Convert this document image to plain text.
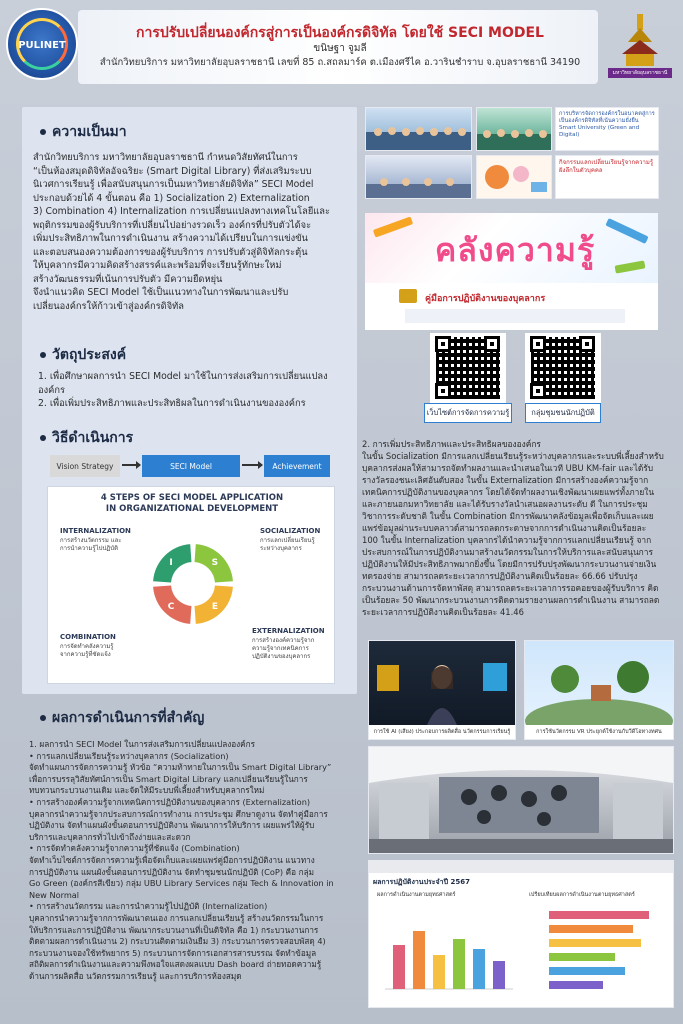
PULINET
การปรับเปลี่ยนองค์กรสู่การเป็นองค์กรดิจิทัล โดยใช้ SECI MODEL
ขนิษฐา จูมลี
สำนักวิทยบริการ มหาวิทยาลัยอุบลราชธานี เลขที่ 85 ถ.สถลมาร์ค ต.เมืองศรีไค อ.วารินชำราบ จ.อุบลราชธานี 34190
มหาวิทยาลัยอุบลราชธานี
ความเป็นมา

สำนักวิทยบริการ มหาวิทยาลัยอุบลราชธานี กำหนดวิสัยทัศน์ในการ

“เป็นห้องสมุดดิจิทัลอัจฉริยะ (Smart Digital Library) ที่ส่งเสริมระบบ

นิเวศการเรียนรู้ เพื่อสนับสนุนการเป็นมหาวิทยาลัยดิจิทัล” SECI Model

ประกอบด้วยได้ 4 ขั้นตอน คือ 1) Socialization 2) Externalization

3) Combination 4) Internalization การเปลี่ยนแปลงทางเทคโนโลยีและ

พฤติกรรมของผู้รับบริการที่เปลี่ยนไปอย่างรวดเร็ว องค์กรที่ปรับตัวได้จะ

เพิ่มประสิทธิภาพในการดำเนินงาน สร้างความได้เปรียบในการแข่งขัน

และตอบสนองความต้องการของผู้รับบริการ การปรับตัวสู่ดิจิทัลกระตุ้น

ให้บุคลากรมีความคิดสร้างสรรค์และพร้อมที่จะเรียนรู้ทักษะใหม่

สร้างวัฒนธรรมที่เน้นการปรับตัว มีความยืดหยุ่น

จึงนำแนวคิด SECI Model ใช้เป็นแนวทางในการพัฒนาและปรับ

เปลี่ยนองค์กรให้ก้าวเข้าสู่องค์กรดิจิทัล

วัตถุประสงค์

1. เพื่อศึกษาผลการนำ SECI Model มาใช้ในการส่งเสริมการเปลี่ยนแปลง

องค์กร

2. เพื่อเพิ่มประสิทธิภาพและประสิทธิผลในการดำเนินงานขององค์กร

วิธีดำเนินการ
Vision Strategy	SECI Model	Achievement
4 STEPS OF SECI MODEL APPLICATION
IN ORGANIZATIONAL DEVELOPMENT
INTERNALIZATION
การสร้างนวัตกรรม และ
การนำความรู้ไปปฏิบัติ
SOCIALIZATION
การแลกเปลี่ยนเรียนรู้
ระหว่างบุคลากร
COMBINATION
การจัดทำคลังความรู้
จากความรู้ที่ชัดแจ้ง
EXTERNALIZATION
การสร้างองค์ความรู้จาก
ความรู้จากเทคนิคการ
ปฏิบัติงานของบุคลากร
I	S
E
C
ผลการดำเนินการที่สำคัญ

1. ผลการนำ SECI Model ในการส่งเสริมการเปลี่ยนแปลงองค์กร

• การแลกเปลี่ยนเรียนรู้ระหว่างบุคลากร (Socialization)

จัดทำแผนการจัดการความรู้ หัวข้อ “ความท้าทายในการเป็น Smart Digital Library”

เพื่อการบรรลุวิสัยทัศน์การเป็น Smart Digital Library แลกเปลี่ยนเรียนรู้ในการ

ทบทวนกระบวนงานเดิม และจัดให้มีระบบพี่เลี้ยงสำหรับบุคลากรใหม่

• การสร้างองค์ความรู้จากเทคนิคการปฏิบัติงานของบุคลากร (Externalization)

บุคลากรนำความรู้จากประสบการณ์การทำงาน การประชุม ศึกษาดูงาน จัดทำคู่มือการ

ปฏิบัติงาน จัดทำแผนผังขั้นตอนการปฏิบัติงาน พัฒนาการให้บริการ เผยแพร่ให้ผู้รับ

บริการและบุคลากรทั่วไปเข้าถึงง่ายและสะดวก

• การจัดทำคลังความรู้จากความรู้ที่ชัดแจ้ง (Combination)

จัดทำเว็บไซต์การจัดการความรู้เพื่อจัดเก็บและเผยแพร่คู่มือการปฏิบัติงาน แนวทาง

การปฏิบัติงาน แผนผังขั้นตอนการปฏิบัติงาน จัดทำชุมชนนักปฏิบัติ (CoP) คือ กลุ่ม

Go Green (องค์กรสีเขียว) กลุ่ม UBU Library Services กลุ่ม Tech & Innovation in

New Normal

• การสร้างนวัตกรรม และการนำความรู้ไปปฏิบัติ (Internalization)

บุคลากรนำความรู้จากการพัฒนาตนเอง การแลกเปลี่ยนเรียนรู้ สร้างนวัตกรรมในการ

ให้บริการและการปฏิบัติงาน พัฒนากระบวนงานที่เป็นดิจิทัล คือ 1) กระบวนงานการ

ติดตามผลการดำเนินงาน 2) กระบวนติดตามเงินยืม 3) กระบวนการตรวจสอบพัสดุ 4)

กระบวนงานจองใช้ทรัพยากร 5) กระบวนการจัดการเอกสารสารบรรณ จัดทำข้อมูล

สถิติผลการดำเนินงานและความพึงพอใจแสดงผลแบบ Dash board ถ่ายทอดความรู้

ด้านการผลิตสื่อ นวัตกรรมการเรียนรู้ และการบริการห้องสมุด

การบริหารจัดการองค์กรในอนาคตสู่การเป็นองค์กรดิจิทัลที่เน้นความยั่งยืน Smart University (Green and Digital)
กิจกรรมแลกเปลี่ยนเรียนรู้จากความรู้ฝังลึกในตัวบุคคล
คลังความรู้
คู่มือการปฏิบัติงานของบุคลากร
เว็บไซต์การจัดการความรู้	กลุ่มชุมชนนักปฏิบัติ

2. การเพิ่มประสิทธิภาพและประสิทธิผลขององค์กร

ในขั้น Socialization มีการแลกเปลี่ยนเรียนรู้ระหว่างบุคลากรและระบบพี่เลี้ยงสำหรับ

บุคลากรส่งผลให้สามารถจัดทำผลงานและนำเสนอในเวที UBU KM-fair และได้รับ

รางวัลรองชนะเลิศอันดับสอง ในขั้น Externalization มีการสร้างองค์ความรู้จาก

เทคนิคการปฏิบัติงานของบุคลากร โดยได้จัดทำผลงานเชิงพัฒนาเผยแพร่ทั้งภายใน

และภายนอกมหาวิทยาลัย และได้รับรางวัลนำเสนอผลงานระดับ ดี ในการประชุม

วิชาการระดับชาติ ในขั้น Combination มีการพัฒนาคลังข้อมูลเพื่อจัดเก็บและเผย

แพร่ข้อมูลผ่านระบบคลาวด์สามารถลดกระดาษจากการดำเนินงานคิดเป็นร้อยละ

100 ในขั้น Internalization บุคลากรได้นำความรู้จากการแลกเปลี่ยนเรียนรู้ จาก

ประสบการณ์ในการปฏิบัติงานมาสร้างนวัตกรรมในการให้บริการและสนับสนุนการ

ปฏิบัติงานให้มีประสิทธิภาพมากยิ่งขึ้น โดยมีการปรับปรุงพัฒนากระบวนงานจ่ายเงิน

ทดรองจ่าย สามารถลดระยะเวลาการปฏิบัติงานคิดเป็นร้อยละ 66.66 ปรับปรุง

กระบวนงานด้านการจัดหาพัสดุ สามารถลดระยะเวลาการรอคอยของผู้รับบริการ คิด

เป็นร้อยละ 50 พัฒนากระบวนงานการติดตามรายงานผลการดำเนินงาน สามารถลด

ระยะเวลาการปฏิบัติงานคิดเป็นร้อยละ 41.46

การใช้ AI (เสียง) ประกอบการผลิตสื่อ นวัตกรรมการเรียนรู้	การใช้นวัตกรรม VR ประยุกต์ใช้งานกับวีดีโอทางทศน
ผลการปฏิบัติงานประจำปี 2567
ผลการดำเนินงานตามยุทธศาสตร์	เปรียบเทียบผลการดำเนินงานตามยุทธศาสตร์
